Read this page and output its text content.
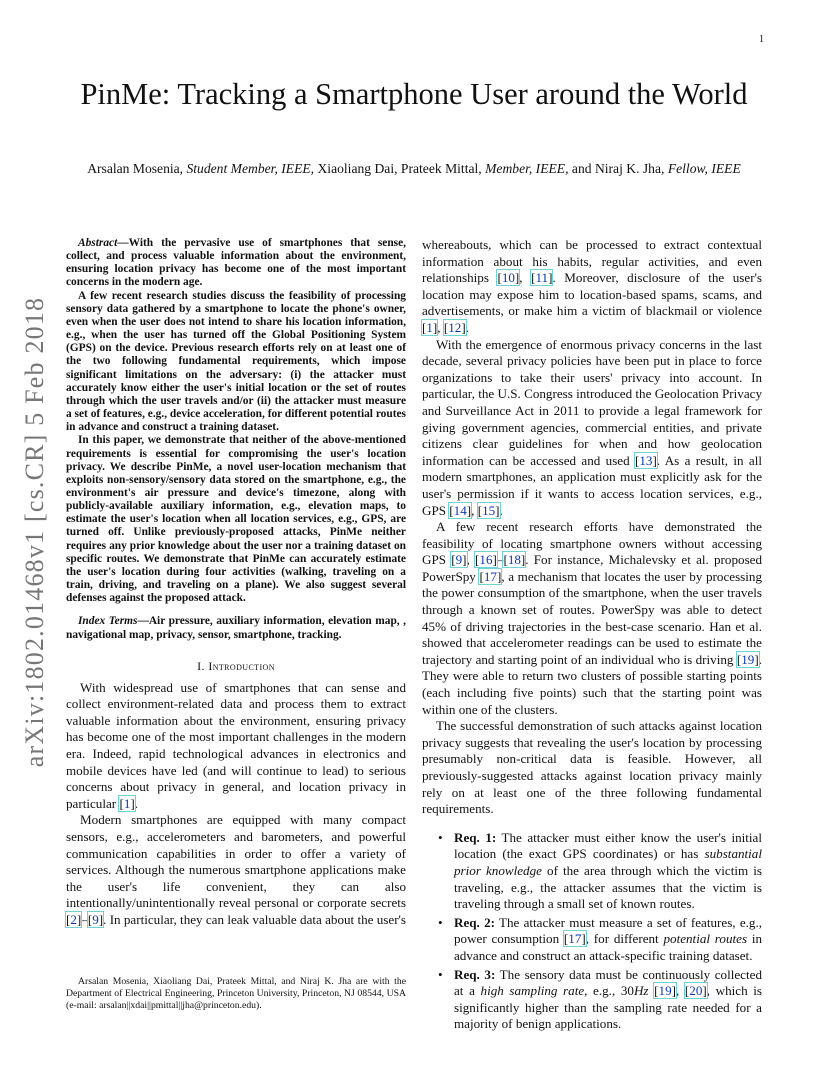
1
arXiv:1802.01468v1 [cs.CR] 5 Feb 2018
PinMe: Tracking a Smartphone User around the World
Arsalan Mosenia, Student Member, IEEE, Xiaoliang Dai, Prateek Mittal, Member, IEEE, and Niraj K. Jha, Fellow, IEEE

Abstract—With the pervasive use of smartphones that sense, collect, and process valuable information about the environment, ensuring location privacy has become one of the most important concerns in the modern age.

A few recent research studies discuss the feasibility of processing sensory data gathered by a smartphone to locate the phone's owner, even when the user does not intend to share his location information, e.g., when the user has turned off the Global Positioning System (GPS) on the device. Previous research efforts rely on at least one of the two following fundamental requirements, which impose significant limitations on the adversary: (i) the attacker must accurately know either the user's initial location or the set of routes through which the user travels and/or (ii) the attacker must measure a set of features, e.g., device acceleration, for different potential routes in advance and construct a training dataset.

In this paper, we demonstrate that neither of the above-mentioned requirements is essential for compromising the user's location privacy. We describe PinMe, a novel user-location mechanism that exploits non-sensory/sensory data stored on the smartphone, e.g., the environment's air pressure and device's timezone, along with publicly-available auxiliary information, e.g., elevation maps, to estimate the user's location when all location services, e.g., GPS, are turned off. Unlike previously-proposed attacks, PinMe neither requires any prior knowledge about the user nor a training dataset on specific routes. We demonstrate that PinMe can accurately estimate the user's location during four activities (walking, traveling on a train, driving, and traveling on a plane). We also suggest several defenses against the proposed attack.

Index Terms—Air pressure, auxiliary information, elevation map, , navigational map, privacy, sensor, smartphone, tracking.

I. Introduction

With widespread use of smartphones that can sense and collect environment-related data and process them to extract valuable information about the environment, ensuring privacy has become one of the most important challenges in the modern era. Indeed, rapid technological advances in electronics and mobile devices have led (and will continue to lead) to serious concerns about privacy in general, and location privacy in particular [ 1 ] .

Modern smartphones are equipped with many compact sensors, e.g., accelerometers and barometers, and powerful communication capabilities in order to offer a variety of services. Although the numerous smartphone applications make the user's life convenient, they can also intentionally/unintentionally reveal personal or corporate secrets [ 2 ] – [ 9 ] . In particular, they can leak valuable data about the user's

Arsalan Mosenia, Xiaoliang Dai, Prateek Mittal, and Niraj K. Jha are with the Department of Electrical Engineering, Princeton University, Princeton, NJ 08544, USA (e-mail: arsalan||xdai||pmittal||jha@princeton.edu).

whereabouts, which can be processed to extract contextual information about his habits, regular activities, and even relationships [ 10 ] , [ 11 ] . Moreover, disclosure of the user's location may expose him to location-based spams, scams, and advertisements, or make him a victim of blackmail or violence [ 1 ] , [ 12 ] .

With the emergence of enormous privacy concerns in the last decade, several privacy policies have been put in place to force organizations to take their users' privacy into account. In particular, the U.S. Congress introduced the Geolocation Privacy and Surveillance Act in 2011 to provide a legal framework for giving government agencies, commercial entities, and private citizens clear guidelines for when and how geolocation information can be accessed and used [ 13 ] . As a result, in all modern smartphones, an application must explicitly ask for the user's permission if it wants to access location services, e.g., GPS [ 14 ] , [ 15 ] .

A few recent research efforts have demonstrated the feasibility of locating smartphone owners without accessing GPS [ 9 ] , [ 16 ] – [ 18 ] . For instance, Michalevsky et al. proposed PowerSpy [ 17 ] , a mechanism that locates the user by processing the power consumption of the smartphone, when the user travels through a known set of routes. PowerSpy was able to detect 45% of driving trajectories in the best-case scenario. Han et al. showed that accelerometer readings can be used to estimate the trajectory and starting point of an individual who is driving [ 19 ] . They were able to return two clusters of possible starting points (each including five points) such that the starting point was within one of the clusters.

The successful demonstration of such attacks against location privacy suggests that revealing the user's location by processing presumably non-critical data is feasible. However, all previously-suggested attacks against location privacy mainly rely on at least one of the three following fundamental requirements.

• Req. 1: The attacker must either know the user's initial location (the exact GPS coordinates) or has substantial prior knowledge of the area through which the victim is traveling, e.g., the attacker assumes that the victim is traveling through a small set of known routes.
• Req. 2: The attacker must measure a set of features, e.g., power consumption [ 17 ] , for different potential routes in advance and construct an attack-specific training dataset.
• Req. 3: The sensory data must be continuously collected at a high sampling rate, e.g., 30Hz [ 19 ] , [ 20 ] , which is significantly higher than the sampling rate needed for a majority of benign applications.
